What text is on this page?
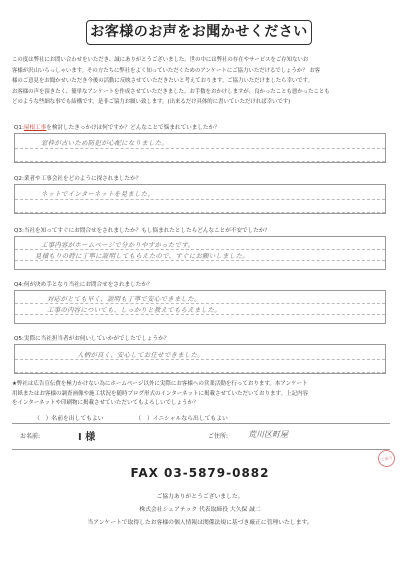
お客様のお声をお聞かせください

この度は弊社にお問い合わせをいただき、誠にありがとうございました。世の中には弊社の存在やサービスをご存知ないお

客様が沢山いらっしゃいます。その方たちに弊社をよく知っていただくためのアンケートにご協力いただけるでしょうか？ お客

様のご意見をお聞かせいただき今後の活動に反映させていただきたいと考えております。ご協力いただけましたら幸いです。

お客様の声を頂きたく、簡単なアンケートを作成させていただきました。お手数をおかけしますが、良かったことも悪かったことも

どのような些細な事でも結構です。是非ご協力お願い致します。(出来るだけ具体的に書いていただければ幸いです)

Q1:屋根工事を検討したきっかけは何ですか？どんなことで悩まれていましたか？
窓枠が古いため防犯が心配になりました。
Q2:業者や工事会社をどのように探されましたか？
ネットでインターネットを見ました。
Q3:当社を知ってすぐにお問合せをされましたか？もし悩まれたとしたらどんなことが不安でしたか？
工事内容がホームページで分かりやすかったです。
見積もりの時に丁寧に説明してもらえたので、すぐにお願いしました。
Q4:何が決め手となり当社にお問合せをされましたか？
対応がとても早く、説明も丁寧で安心できました。
工事の内容についても、しっかりと教えてもらえました。
Q5:実際に当社担当者がお伺いしていかがでしたでしょうか？
人柄が良く、安心してお任せできました。

★弊社は広告宣伝費を極力かけない為にホームページ以外に実際にお客様への営業活動を行っております。本アンケート

用紙またはお客様の調査画像や施工状況を随時ブログ形式のインターネットに掲載させていただいております。上記内容

をインターネットや印刷物に掲載させていただいてもよろしいでしょうか？

（　）名前を出してもよい	（　）イニシャルなら出してもよい
お名前:	I 様	ご住所: 荒川区町屋
ご協力
FAX 03-5879-0882
ご協力ありがとうございました。
株式会社シェアテック 代表取締役 大久保 誠二
当アンケートで取得したお客様の個人情報は関係法規に基づき厳正に管理いたします。
